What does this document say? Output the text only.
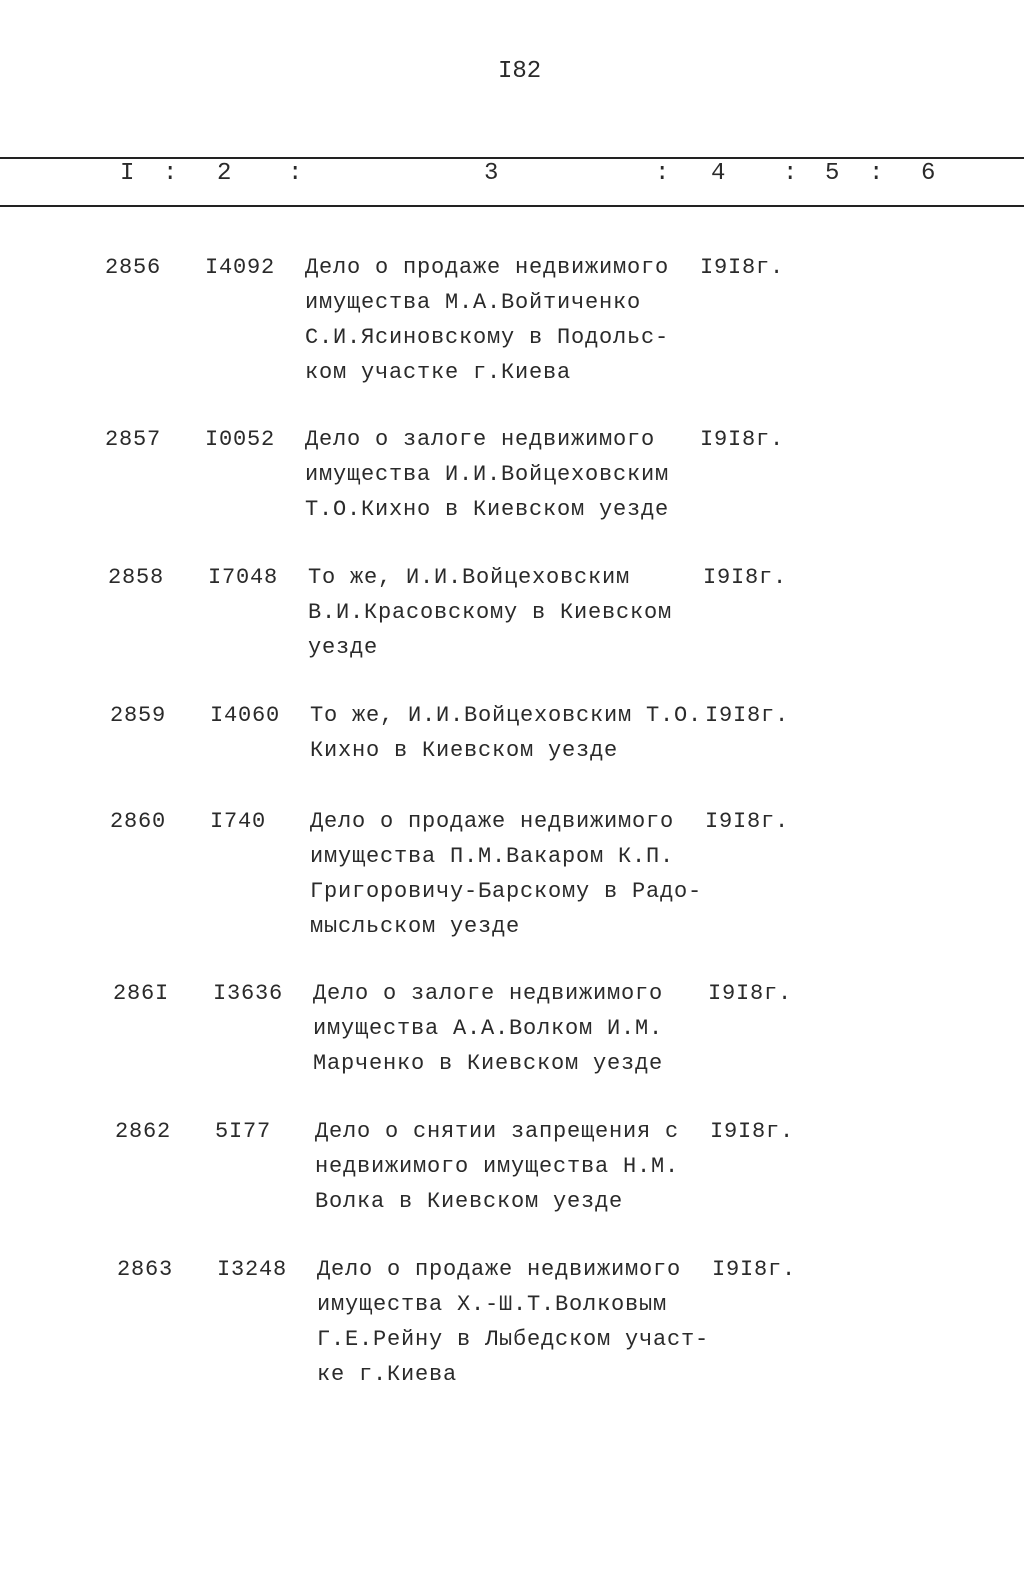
I82
I : 2 :	3	: 4 : 5 : 6
2856 I4092 Дело о продаже недвижимого
имущества М.А.Войтиченко
С.И.Ясиновскому в Подольс-
ком участке г.Киева
I9I8г.
2857 I0052 Дело о залоге недвижимого
имущества И.И.Войцеховским
Т.О.Кихно в Киевском уезде
I9I8г.
2858 I7048 То же, И.И.Войцеховским
В.И.Красовскому в Киевском
уезде
I9I8г.
2859 I4060 То же, И.И.Войцеховским Т.О.
Кихно в Киевском уезде
I9I8г.
2860 I740 Дело о продаже недвижимого
имущества П.М.Вакаром К.П.
Григоровичу-Барскому в Радо-
мысльском уезде
I9I8г.
286I I3636 Дело о залоге недвижимого
имущества А.А.Волком И.М.
Марченко в Киевском уезде
I9I8г.
2862 5I77 Дело о снятии запрещения с
недвижимого имущества Н.М.
Волка в Киевском уезде
I9I8г.
2863 I3248 Дело о продаже недвижимого
имущества Х.-Ш.Т.Волковым
Г.Е.Рейну в Лыбедском участ-
ке г.Киева
I9I8г.
